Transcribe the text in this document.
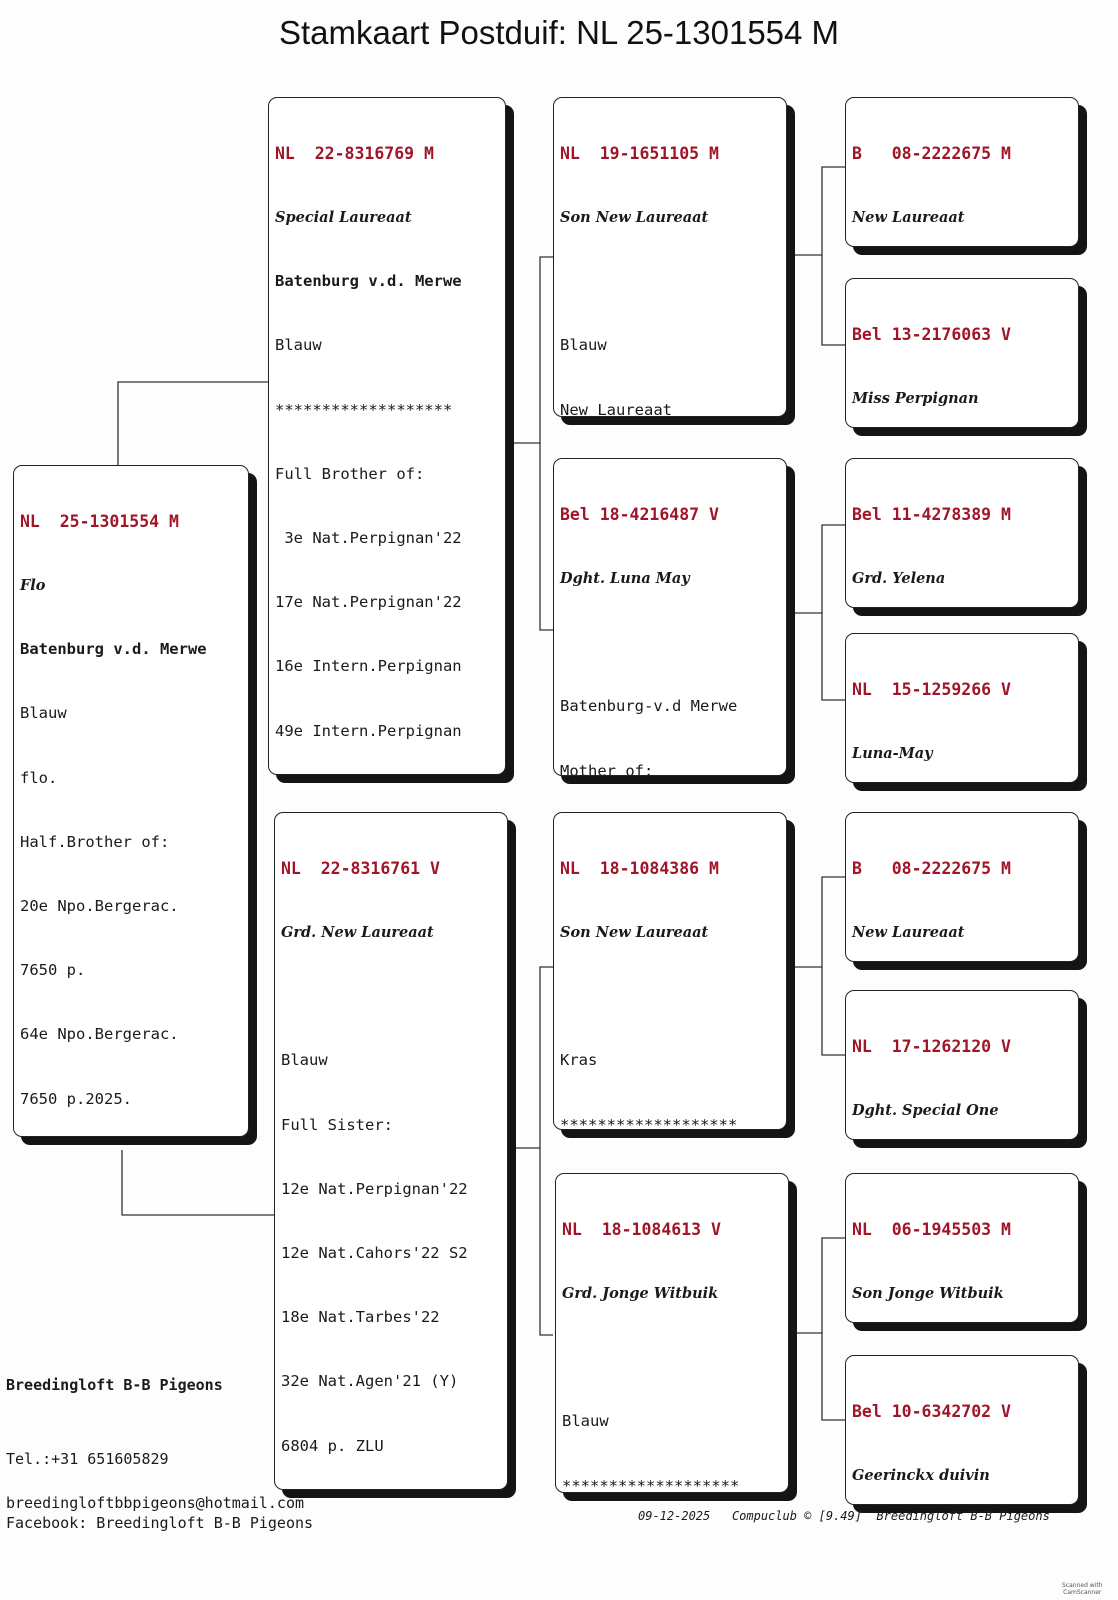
Stamkaart Postduif: NL 25-1301554 M

NL  25-1301554 M

Flo

Batenburg v.d. Merwe

Blauw

flo.

Half.Brother of:

20e Npo.Bergerac.

7650 p.

64e Npo.Bergerac.

7650 p.2025.

NL  22-8316769 M

Special Laureaat

Batenburg v.d. Merwe

Blauw

*******************

Full Brother of:

3e Nat.Perpignan'22

17e Nat.Perpignan'22

16e Intern.Perpignan

49e Intern.Perpignan

NL  22-8316761 V

Grd. New Laureaat

Blauw

Full Sister:

12e Nat.Perpignan'22

12e Nat.Cahors'22 S2

18e Nat.Tarbes'22

32e Nat.Agen'21 (Y)

6804 p. ZLU

NL  19-1651105 M

Son New Laureaat

Blauw

New Laureaat

Bel 18-4216487 V

Dght. Luna May

Batenburg-v.d Merwe

Mother of:

NL  18-1084386 M

Son New Laureaat

Kras

*******************

NL  18-1084613 V

Grd. Jonge Witbuik

Blauw

*******************

B   08-2222675 M

New Laureaat

Bel 13-2176063 V

Miss Perpignan

Bel 11-4278389 M

Grd. Yelena

NL  15-1259266 V

Luna-May

B   08-2222675 M

New Laureaat

NL  17-1262120 V

Dght. Special One

NL  06-1945503 M

Son Jonge Witbuik

Bel 10-6342702 V

Geerinckx duivin

Breedingloft B-B Pigeons
Tel.:+31 651605829
breedingloftbbpigeons@hotmail.com
Facebook: Breedingloft B-B Pigeons	09-12-2025 Compuclub © [9.49] Breedingloft B-B Pigeons
Scanned with
CamScanner
